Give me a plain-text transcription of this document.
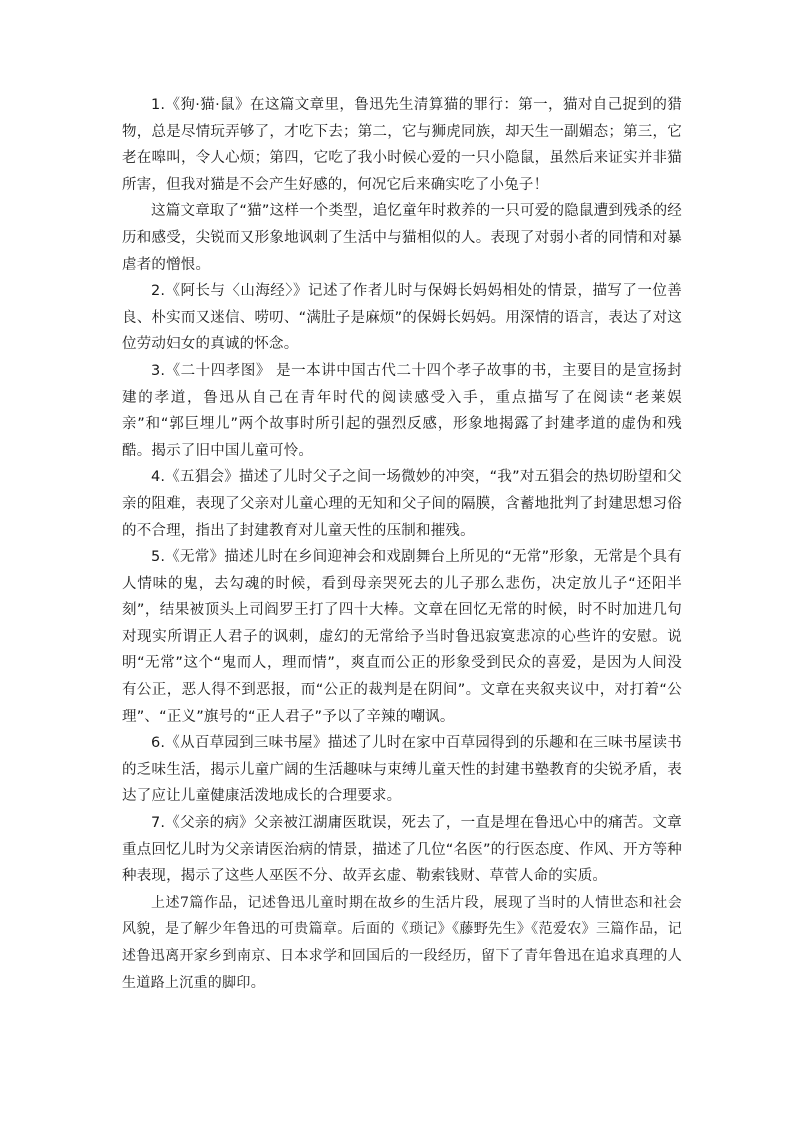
1.《狗·猫·鼠》在这篇文章里，鲁迅先生清算猫的罪行：第一，猫对自己捉到的猎物，总是尽情玩弄够了，才吃下去；第二，它与狮虎同族，却天生一副媚态；第三，它老在嗥叫，令人心烦；第四，它吃了我小时候心爱的一只小隐鼠，虽然后来证实并非猫所害，但我对猫是不会产生好感的，何况它后来确实吃了小兔子！

这篇文章取了“猫”这样一个类型，追忆童年时救养的一只可爱的隐鼠遭到残杀的经历和感受，尖锐而又形象地讽刺了生活中与猫相似的人。表现了对弱小者的同情和对暴虐者的憎恨。

2.《阿长与〈山海经〉》记述了作者儿时与保姆长妈妈相处的情景，描写了一位善良、朴实而又迷信、唠叨、“满肚子是麻烦”的保姆长妈妈。用深情的语言，表达了对这位劳动妇女的真诚的怀念。

3.《二十四孝图》 是一本讲中国古代二十四个孝子故事的书，主要目的是宣扬封建的孝道，鲁迅从自己在青年时代的阅读感受入手，重点描写了在阅读“老莱娱亲”和“郭巨埋儿”两个故事时所引起的强烈反感，形象地揭露了封建孝道的虚伪和残酷。揭示了旧中国儿童可怜。

4.《五猖会》描述了儿时父子之间一场微妙的冲突，“我”对五猖会的热切盼望和父亲的阻难，表现了父亲对儿童心理的无知和父子间的隔膜，含蓄地批判了封建思想习俗的不合理，指出了封建教育对儿童天性的压制和摧残。

5.《无常》描述儿时在乡间迎神会和戏剧舞台上所见的“无常”形象，无常是个具有人情味的鬼，去勾魂的时候，看到母亲哭死去的儿子那么悲伤，决定放儿子“还阳半刻”，结果被顶头上司阎罗王打了四十大棒。文章在回忆无常的时候，时不时加进几句对现实所谓正人君子的讽刺，虚幻的无常给予当时鲁迅寂寞悲凉的心些许的安慰。说明“无常”这个“鬼而人，理而情”，爽直而公正的形象受到民众的喜爱，是因为人间没有公正，恶人得不到恶报，而“公正的裁判是在阴间”。文章在夹叙夹议中，对打着“公理”、“正义”旗号的“正人君子”予以了辛辣的嘲讽。

6.《从百草园到三味书屋》描述了儿时在家中百草园得到的乐趣和在三味书屋读书的乏味生活，揭示儿童广阔的生活趣味与束缚儿童天性的封建书塾教育的尖锐矛盾，表达了应让儿童健康活泼地成长的合理要求。

7.《父亲的病》父亲被江湖庸医耽误，死去了，一直是埋在鲁迅心中的痛苦。文章重点回忆儿时为父亲请医治病的情景，描述了几位“名医”的行医态度、作风、开方等种种表现，揭示了这些人巫医不分、故弄玄虚、勒索钱财、草菅人命的实质。

上述7篇作品，记述鲁迅儿童时期在故乡的生活片段，展现了当时的人情世态和社会风貌，是了解少年鲁迅的可贵篇章。后面的《琐记》《藤野先生》《范爱农》三篇作品，记述鲁迅离开家乡到南京、日本求学和回国后的一段经历，留下了青年鲁迅在追求真理的人生道路上沉重的脚印。
